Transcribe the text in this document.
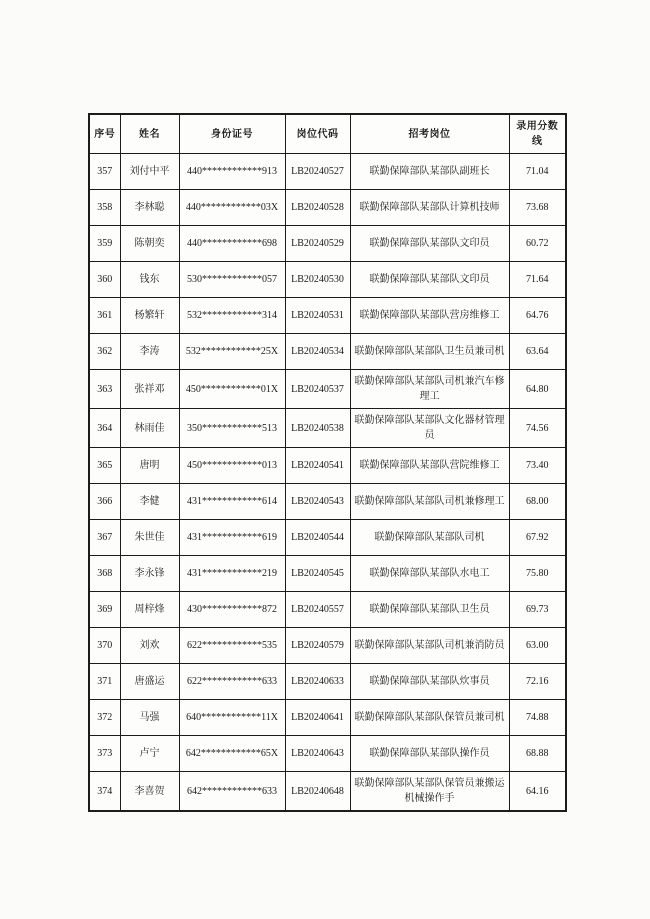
序号	姓名	身份证号	岗位代码	招考岗位	录用分数线
357	刘付中平	440************913	LB20240527	联勤保障部队某部队副班长	71.04
358	李林聪	440************03X	LB20240528	联勤保障部队某部队计算机技师	73.68
359	陈朝奕	440************698	LB20240529	联勤保障部队某部队文印员	60.72
360	钱东	530************057	LB20240530	联勤保障部队某部队文印员	71.64
361	杨繁轩	532************314	LB20240531	联勤保障部队某部队营房维修工	64.76
362	李涛	532************25X	LB20240534	联勤保障部队某部队卫生员兼司机	63.64
363	张祥邓	450************01X	LB20240537	联勤保障部队某部队司机兼汽车修理工	64.80
364	林雨佳	350************513	LB20240538	联勤保障部队某部队文化器材管理员	74.56
365	唐明	450************013	LB20240541	联勤保障部队某部队营院维修工	73.40
366	李健	431************614	LB20240543	联勤保障部队某部队司机兼修理工	68.00
367	朱世佳	431************619	LB20240544	联勤保障部队某部队司机	67.92
368	李永锋	431************219	LB20240545	联勤保障部队某部队水电工	75.80
369	周梓烽	430************872	LB20240557	联勤保障部队某部队卫生员	69.73
370	刘欢	622************535	LB20240579	联勤保障部队某部队司机兼消防员	63.00
371	唐盛运	622************633	LB20240633	联勤保障部队某部队炊事员	72.16
372	马强	640************11X	LB20240641	联勤保障部队某部队保管员兼司机	74.88
373	卢宁	642************65X	LB20240643	联勤保障部队某部队操作员	68.88
374	李喜贺	642************633	LB20240648	联勤保障部队某部队保管员兼搬运机械操作手	64.16
